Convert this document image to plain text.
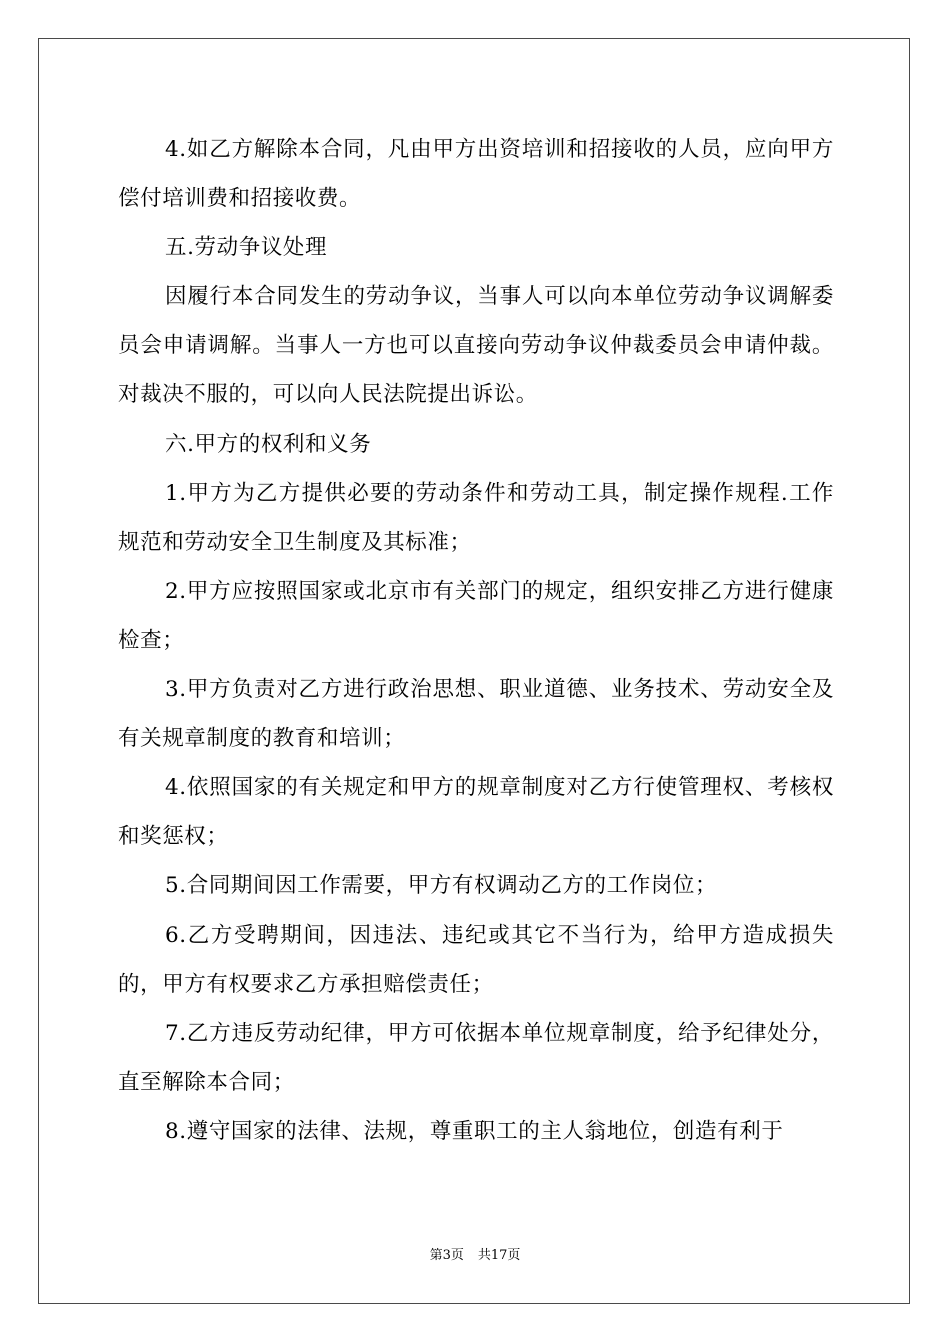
4.如乙方解除本合同，凡由甲方出资培训和招接收的人员，应向甲方偿付培训费和招接收费。

五.劳动争议处理

因履行本合同发生的劳动争议，当事人可以向本单位劳动争议调解委员会申请调解。当事人一方也可以直接向劳动争议仲裁委员会申请仲裁。对裁决不服的，可以向人民法院提出诉讼。

六.甲方的权利和义务

1.甲方为乙方提供必要的劳动条件和劳动工具，制定操作规程.工作规范和劳动安全卫生制度及其标准；

2.甲方应按照国家或北京市有关部门的规定，组织安排乙方进行健康检查；

3.甲方负责对乙方进行政治思想、职业道德、业务技术、劳动安全及有关规章制度的教育和培训；

4.依照国家的有关规定和甲方的规章制度对乙方行使管理权、考核权和奖惩权；

5.合同期间因工作需要，甲方有权调动乙方的工作岗位；

6.乙方受聘期间，因违法、违纪或其它不当行为，给甲方造成损失的，甲方有权要求乙方承担赔偿责任；

7.乙方违反劳动纪律，甲方可依据本单位规章制度，给予纪律处分，直至解除本合同；

8.遵守国家的法律、法规，尊重职工的主人翁地位，创造有利于

第3页 共17页
